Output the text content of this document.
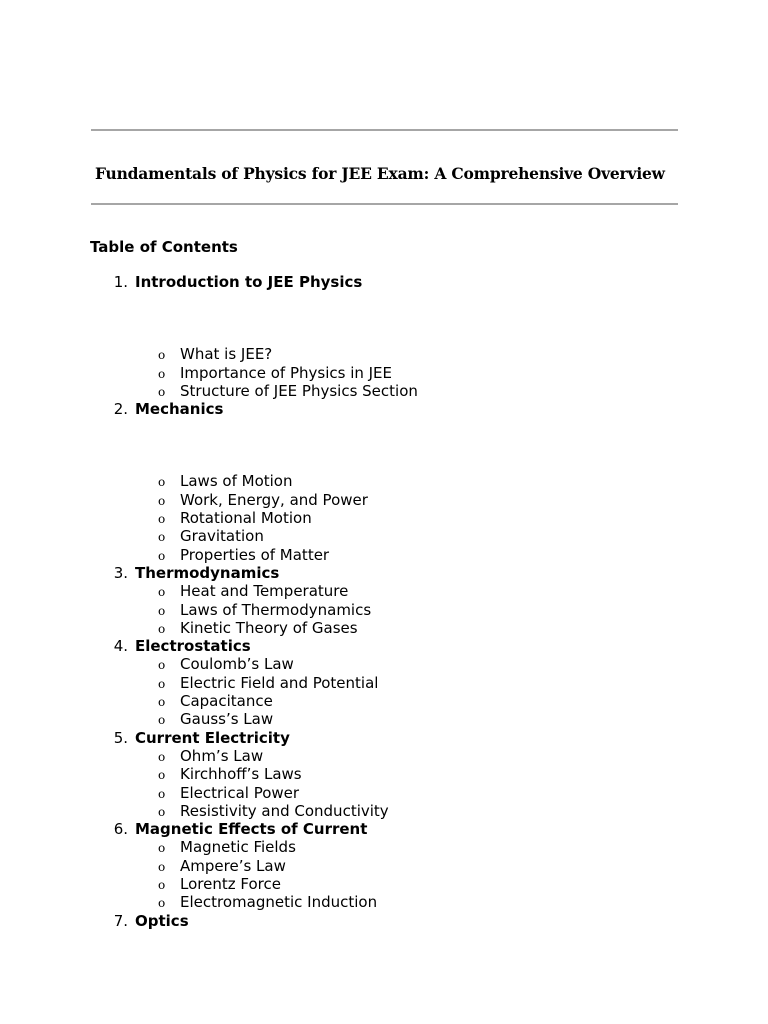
Fundamentals of Physics for JEE Exam: A Comprehensive Overview
Table of Contents
1. Introduction to JEE Physics
o What is JEE?
o Importance of Physics in JEE
o Structure of JEE Physics Section
2. Mechanics
o Laws of Motion
o Work, Energy, and Power
o Rotational Motion
o Gravitation
o Properties of Matter
3. Thermodynamics
o Heat and Temperature
o Laws of Thermodynamics
o Kinetic Theory of Gases
4. Electrostatics
o Coulomb’s Law
o Electric Field and Potential
o Capacitance
o Gauss’s Law
5. Current Electricity
o Ohm’s Law
o Kirchhoff’s Laws
o Electrical Power
o Resistivity and Conductivity
6. Magnetic Effects of Current
o Magnetic Fields
o Ampere’s Law
o Lorentz Force
o Electromagnetic Induction
7. Optics
